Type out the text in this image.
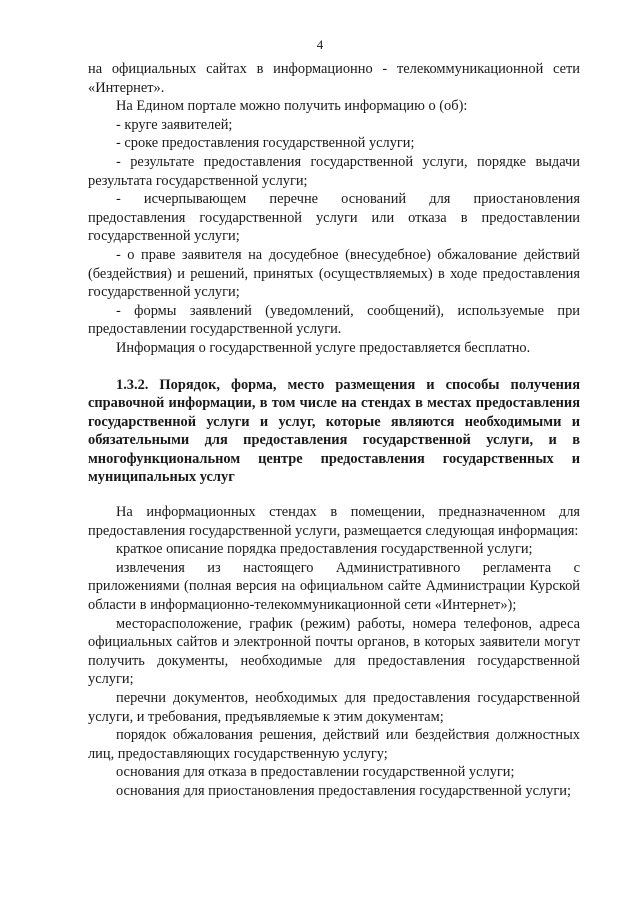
4

на официальных сайтах в информационно - телекоммуникационной сети «Интернет».

На Едином портале можно получить информацию о (об):

- круге заявителей;

- сроке предоставления государственной услуги;

- результате предоставления государственной услуги, порядке выдачи результата государственной услуги;

- исчерпывающем перечне оснований для приостановления предоставления государственной услуги или отказа в предоставлении государственной услуги;

- о праве заявителя на досудебное (внесудебное) обжалование действий (бездействия) и решений, принятых (осуществляемых) в ходе предоставления государственной услуги;

- формы заявлений (уведомлений, сообщений), используемые при предоставлении государственной услуги.

Информация о государственной услуге предоставляется бесплатно.

1.3.2. Порядок, форма, место размещения и способы получения справочной информации, в том числе на стендах в местах предоставления государственной услуги и услуг, которые являются необходимыми и обязательными для предоставления государственной услуги, и в многофункциональном центре предоставления государственных и муниципальных услуг

На информационных стендах в помещении, предназначенном для предоставления государственной услуги, размещается следующая информация:

краткое описание порядка предоставления государственной услуги;

извлечения из настоящего Административного регламента с приложениями (полная версия на официальном сайте Администрации Курской области в информационно-телекоммуникационной сети «Интернет»);

месторасположение, график (режим) работы, номера телефонов, адреса официальных сайтов и электронной почты органов, в которых заявители могут получить документы, необходимые для предоставления государственной услуги;

перечни документов, необходимых для предоставления государственной услуги, и требования, предъявляемые к этим документам;

порядок обжалования решения, действий или бездействия должностных лиц, предоставляющих государственную услугу;

основания для отказа в предоставлении государственной услуги;

основания для приостановления предоставления государственной услуги;
